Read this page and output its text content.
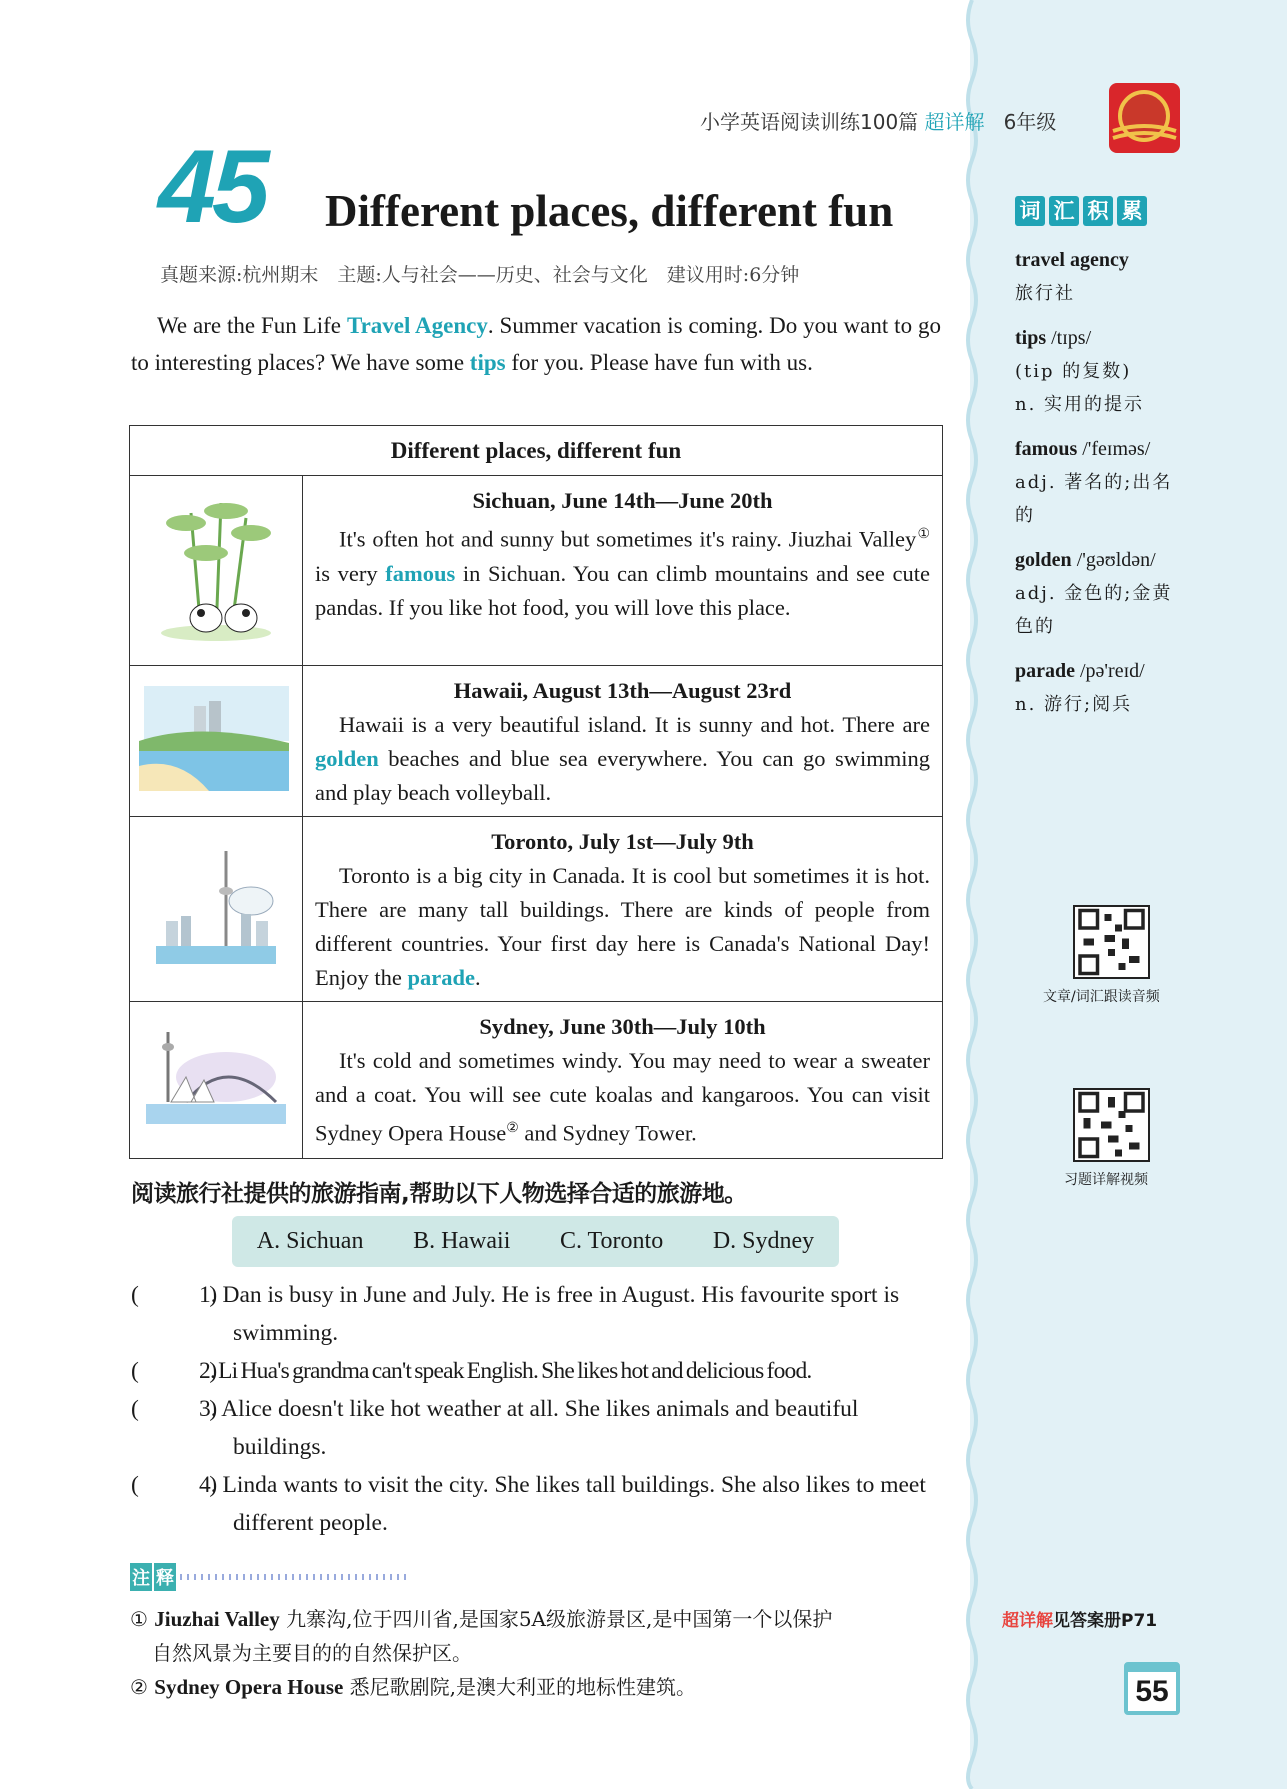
小学英语阅读训练100篇 超详解 6年级
45 Different places, different fun
真题来源:杭州期末　主题:人与社会——历史、社会与文化　建议用时:6分钟
We are the Fun Life Travel Agency. Summer vacation is coming. Do you want to go to interesting places? We have some tips for you. Please have fun with us.
Different places, different fun	

Sichuan, June 14th—June 20th
It's often hot and sunny but sometimes it's rainy. Jiuzhai Valley① is very famous in Sichuan. You can climb mountains and see cute pandas. If you like hot food, you will love this place.

Hawaii, August 13th—August 23rd
Hawaii is a very beautiful island. It is sunny and hot. There are golden beaches and blue sea everywhere. You can go swimming and play beach volleyball.

Toronto, July 1st—July 9th
Toronto is a big city in Canada. It is cool but sometimes it is hot. There are many tall buildings. There are kinds of people from different countries. Your first day here is Canada's National Day! Enjoy the parade.

Sydney, June 30th—July 10th
It's cold and sometimes windy. You may need to wear a sweater and a coat. You will see cute koalas and kangaroos. You can visit Sydney Opera House② and Sydney Tower.
阅读旅行社提供的旅游指南,帮助以下人物选择合适的旅游地。
A. Sichuan B. Hawaii C. Toronto D. Sydney
(　　　)
1. Dan is busy in June and July. He is free in August. His favourite sport is swimming.
(　　　)
2. Li Hua's grandma can't speak English. She likes hot and delicious food.
(　　　)
3. Alice doesn't like hot weather at all. She likes animals and beautiful buildings.
(　　　)
4. Linda wants to visit the city. She likes tall buildings. She also likes to meet different people.
注 释
① Jiuzhai Valley 九寨沟,位于四川省,是国家5A级旅游景区,是中国第一个以保护
自然风景为主要目的的自然保护区。
② Sydney Opera House 悉尼歌剧院,是澳大利亚的地标性建筑。
词 汇 积 累
travel agency
旅行社
tips /tɪps/
(tip 的复数)
n. 实用的提示
famous /'feɪməs/
adj. 著名的;出名的
golden /'gəʊldən/
adj. 金色的;金黄色的
parade /pə'reɪd/
n. 游行;阅兵
文章/词汇跟读音频
习题详解视频
超详解见答案册P71
55
